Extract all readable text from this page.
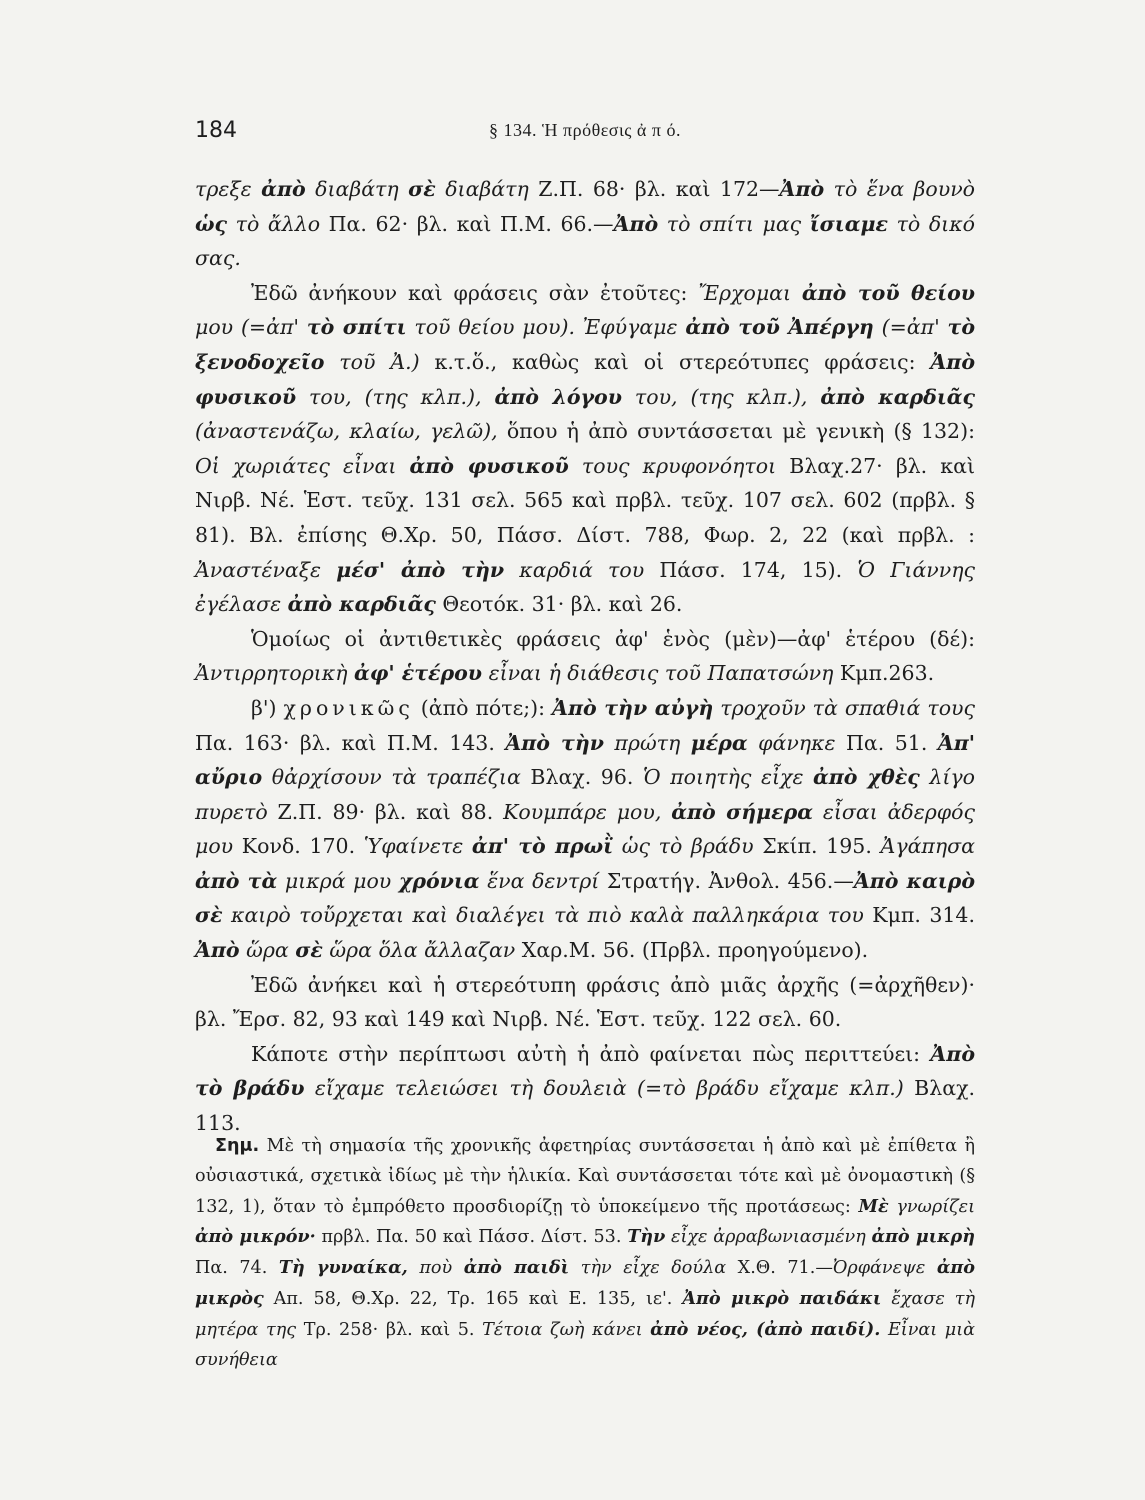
184	§ 134. Ἡ πρόθεσις ἀ π ό.

τρεξε ἀπὸ διαβάτη σὲ διαβάτη Ζ.Π. 68· βλ. καὶ 172—Ἀπὸ τὸ ἕνα βουνὸ ὡς τὸ ἄλλο Πα. 62· βλ. καὶ Π.Μ. 66.—Ἀπὸ τὸ σπίτι μας ἴσιαμε τὸ δικό σας.

Ἐδῶ ἀνήκουν καὶ φράσεις σὰν ἐτοῦτες: Ἔρχομαι ἀπὸ τοῦ θείου μου (=ἀπ' τὸ σπίτι τοῦ θείου μου). Ἐφύγαμε ἀπὸ τοῦ Ἀπέργη (=ἀπ' τὸ ξενοδοχεῖο τοῦ Ἀ.) κ.τ.ὅ., καθὼς καὶ οἱ στερεότυπες φράσεις: Ἀπὸ φυσικοῦ του, (της κλπ.), ἀπὸ λόγου του, (της κλπ.), ἀπὸ καρδιᾶς (ἀναστενάζω, κλαίω, γελῶ), ὅπου ἡ ἀπὸ συντάσσεται μὲ γενικὴ (§ 132): Οἱ χωριάτες εἶναι ἀπὸ φυσικοῦ τους κρυφονόητοι Βλαχ.27· βλ. καὶ Νιρβ. Νέ. Ἑστ. τεῦχ. 131 σελ. 565 καὶ πρβλ. τεῦχ. 107 σελ. 602 (πρβλ. § 81). Βλ. ἐπίσης Θ.Χρ. 50, Πάσσ. Δίστ. 788, Φωρ. 2, 22 (καὶ πρβλ. : Ἀναστέναξε μέσ' ἀπὸ τὴν καρδιά του Πάσσ. 174, 15). Ὁ Γιάννης ἐγέλασε ἀπὸ καρδιᾶς Θεοτόκ. 31· βλ. καὶ 26.

Ὁμοίως οἱ ἀντιθετικὲς φράσεις ἀφ' ἑνὸς (μὲν)—ἀφ' ἑτέρου (δέ): Ἀντιρρητορικὴ ἀφ' ἑτέρου εἶναι ἡ διάθεσις τοῦ Παπατσώνη Κμπ.263.

β') χρονικῶς (ἀπὸ πότε;): Ἀπὸ τὴν αὐγὴ τροχοῦν τὰ σπαθιά τους Πα. 163· βλ. καὶ Π.Μ. 143. Ἀπὸ τὴν πρώτη μέρα φάνηκε Πα. 51. Ἀπ' αὔριο θἀρχίσουν τὰ τραπέζια Βλαχ. 96. Ὁ ποιητὴς εἶχε ἀπὸ χθὲς λίγο πυρετὸ Ζ.Π. 89· βλ. καὶ 88. Κουμπάρε μου, ἀπὸ σήμερα εἶσαι ἀδερφός μου Κονδ. 170. Ὑφαίνετε ἀπ' τὸ πρωῒ ὡς τὸ βράδυ Σκίπ. 195. Ἀγάπησα ἀπὸ τὰ μικρά μου χρόνια ἕνα δεντρί Στρατήγ. Ἀνθολ. 456.—Ἀπὸ καιρὸ σὲ καιρὸ τοὔρχεται καὶ διαλέγει τὰ πιὸ καλὰ παλληκάρια του Κμπ. 314. Ἀπὸ ὥρα σὲ ὥρα ὅλα ἄλλαζαν Χαρ.Μ. 56. (Πρβλ. προηγούμενο).

Ἐδῶ ἀνήκει καὶ ἡ στερεότυπη φράσις ἀπὸ μιᾶς ἀρχῆς (=ἀρχῆθεν)· βλ. Ἔρσ. 82, 93 καὶ 149 καὶ Νιρβ. Νέ. Ἑστ. τεῦχ. 122 σελ. 60.

Κάποτε στὴν περίπτωσι αὐτὴ ἡ ἀπὸ φαίνεται πὼς περιττεύει: Ἀπὸ τὸ βράδυ εἴχαμε τελειώσει τὴ δουλειὰ (=τὸ βράδυ εἴχαμε κλπ.) Βλαχ. 113.

Σημ. Μὲ τὴ σημασία τῆς χρονικῆς ἀφετηρίας συντάσσεται ἡ ἀπὸ καὶ μὲ ἐπίθετα ἢ οὐσιαστικά, σχετικὰ ἰδίως μὲ τὴν ἡλικία. Καὶ συντάσσεται τότε καὶ μὲ ὀνομαστικὴ (§ 132, 1), ὅταν τὸ ἐμπρόθετο προσδιορίζῃ τὸ ὑποκείμενο τῆς προτάσεως: Μὲ γνωρίζει ἀπὸ μικρόν· πρβλ. Πα. 50 καὶ Πάσσ. Δίστ. 53. Τὴν εἶχε ἀρραβωνιασμένη ἀπὸ μικρὴ Πα. 74. Τὴ γυναίκα, ποὺ ἀπὸ παιδὶ τὴν εἶχε δούλα Χ.Θ. 71.—Ὀρφάνεψε ἀπὸ μικρὸς Απ. 58, Θ.Χρ. 22, Τρ. 165 καὶ Ε. 135, ιε'. Ἀπὸ μικρὸ παιδάκι ἔχασε τὴ μητέρα της Τρ. 258· βλ. καὶ 5. Τέτοια ζωὴ κάνει ἀπὸ νέος, (ἀπὸ παιδί). Εἶναι μιὰ συνήθεια
